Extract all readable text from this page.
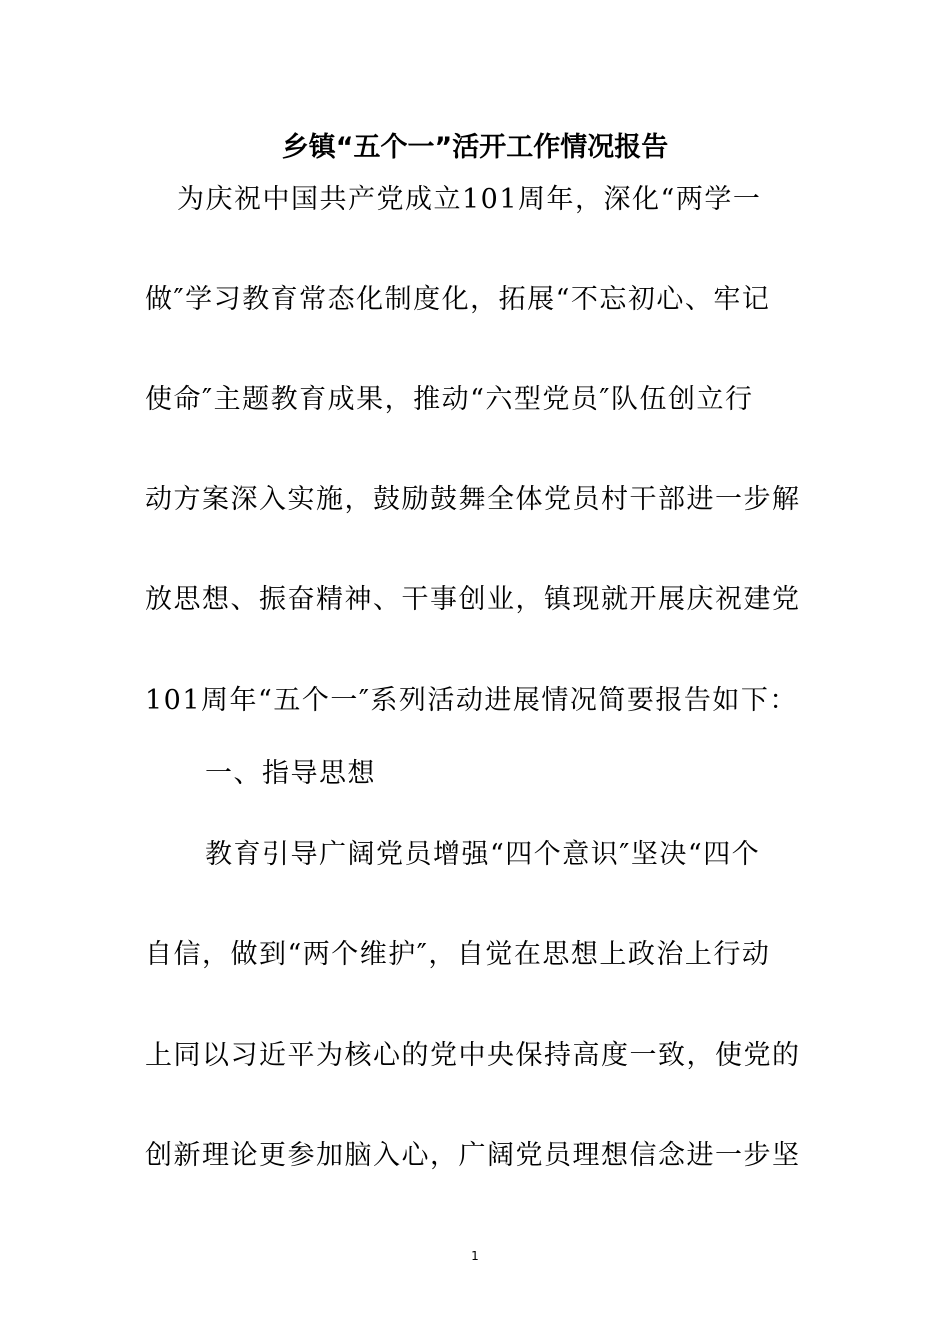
乡镇“五个一”活开工作情况报告
为庆祝中国共产党成立101周年，深化“两学一
做″学习教育常态化制度化，拓展“不忘初心、牢记
使命″主题教育成果，推动“六型党员″队伍创立行
动方案深入实施，鼓励鼓舞全体党员村干部进一步解
放思想、振奋精神、干事创业，镇现就开展庆祝建党
101周年“五个一″系列活动进展情况简要报告如下：
一、指导思想
教育引导广阔党员增强“四个意识″坚决“四个
自信，做到“两个维护″，自觉在思想上政治上行动
上同以习近平为核心的党中央保持高度一致，使党的
创新理论更参加脑入心，广阔党员理想信念进一步坚
1
